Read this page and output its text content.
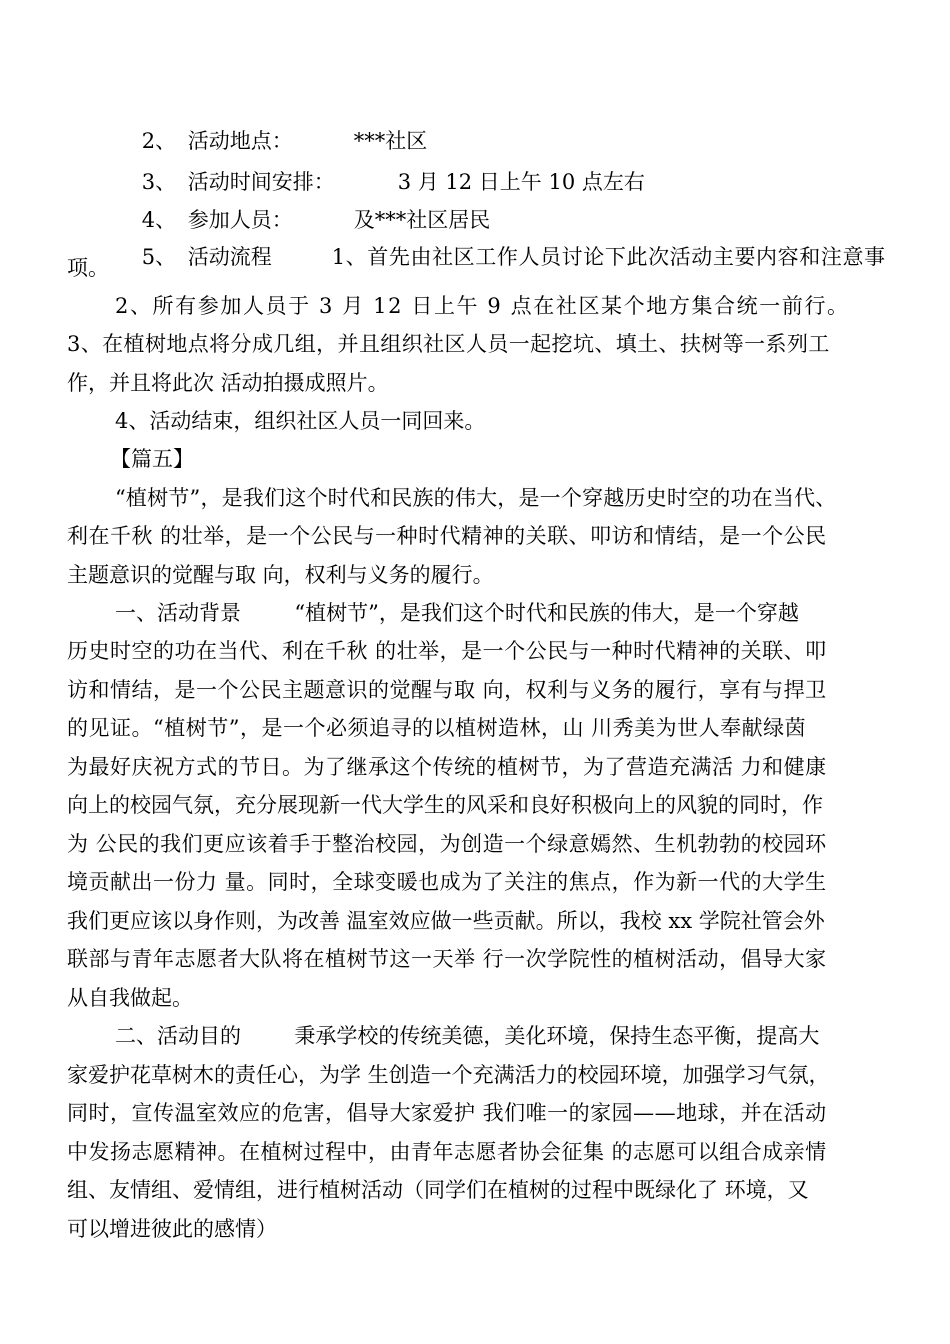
2、 活动地点：	***社区

3、 活动时间安排：	3 月 12 日上午 10 点左右

4、 参加人员：	及***社区居民

5、 活动流程	1、首先由社区工作人员讨论下此次活动主要内容和注意事

项。
2、所有参加人员于 3 月 12 日上午 9 点在社区某个地方集合统一前行。
3、在植树地点将分成几组，并且组织社区人员一起挖坑、填土、扶树等一系列工
作，并且将此次 活动拍摄成照片。
4、活动结束，组织社区人员一同回来。
【篇五】
“植树节”，是我们这个时代和民族的伟大，是一个穿越历史时空的功在当代、
利在千秋 的壮举，是一个公民与一种时代精神的关联、叩访和情结，是一个公民
主题意识的觉醒与取 向，权利与义务的履行。
一、活动背景        “植树节”，是我们这个时代和民族的伟大，是一个穿越
历史时空的功在当代、利在千秋 的壮举，是一个公民与一种时代精神的关联、叩
访和情结，是一个公民主题意识的觉醒与取 向，权利与义务的履行，享有与捍卫
的见证。“植树节”，是一个必须追寻的以植树造林，山 川秀美为世人奉献绿茵
为最好庆祝方式的节日。为了继承这个传统的植树节，为了营造充满活 力和健康
向上的校园气氛，充分展现新一代大学生的风采和良好积极向上的风貌的同时，作
为 公民的我们更应该着手于整治校园，为创造一个绿意嫣然、生机勃勃的校园环
境贡献出一份力 量。同时，全球变暖也成为了关注的焦点，作为新一代的大学生
我们更应该以身作则，为改善 温室效应做一些贡献。所以，我校 xx 学院社管会外
联部与青年志愿者大队将在植树节这一天举 行一次学院性的植树活动，倡导大家
从自我做起。
二、活动目的        秉承学校的传统美德，美化环境，保持生态平衡，提高大
家爱护花草树木的责任心，为学 生创造一个充满活力的校园环境，加强学习气氛，
同时，宣传温室效应的危害，倡导大家爱护 我们唯一的家园——地球，并在活动
中发扬志愿精神。在植树过程中，由青年志愿者协会征集 的志愿可以组合成亲情
组、友情组、爱情组，进行植树活动（同学们在植树的过程中既绿化了 环境，又
可以增进彼此的感情）
